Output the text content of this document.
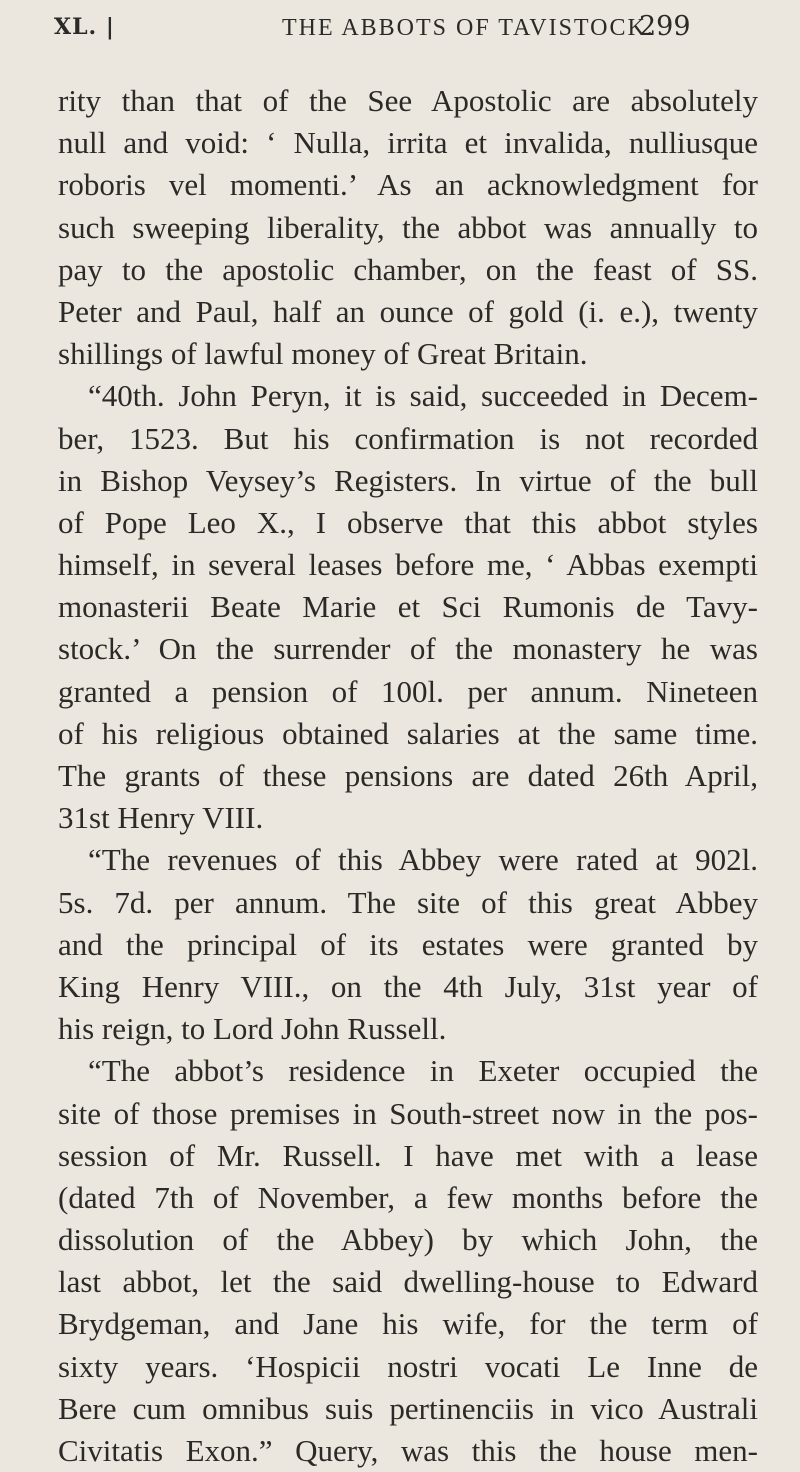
XL. |	THE ABBOTS OF TAVISTOCK.
299
rity than that of the See Apostolic are absolutely
null and void: ‘ Nulla, irrita et invalida, nulliusque
roboris vel momenti.’ As an acknowledgment for
such sweeping liberality, the abbot was annually to
pay to the apostolic chamber, on the feast of SS.
Peter and Paul, half an ounce of gold (i. e.), twenty
shillings of lawful money of Great Britain.
“40th. John Peryn, it is said, succeeded in Decem-
ber, 1523. But his confirmation is not recorded
in Bishop Veysey’s Registers. In virtue of the bull
of Pope Leo X., I observe that this abbot styles
himself, in several leases before me, ‘ Abbas exempti
monasterii Beate Marie et Sci Rumonis de Tavy-
stock.’ On the surrender of the monastery he was
granted a pension of 100l. per annum. Nineteen
of his religious obtained salaries at the same time.
The grants of these pensions are dated 26th April,
31st Henry VIII.
“The revenues of this Abbey were rated at 902l.
5s. 7d. per annum. The site of this great Abbey
and the principal of its estates were granted by
King Henry VIII., on the 4th July, 31st year of
his reign, to Lord John Russell.
“The abbot’s residence in Exeter occupied the
site of those premises in South-street now in the pos-
session of Mr. Russell. I have met with a lease
(dated 7th of November, a few months before the
dissolution of the Abbey) by which John, the
last abbot, let the said dwelling-house to Edward
Brydgeman, and Jane his wife, for the term of
sixty years. ‘Hospicii nostri vocati Le Inne de
Bere cum omnibus suis pertinenciis in vico Australi
Civitatis Exon.” Query, was this the house men-
